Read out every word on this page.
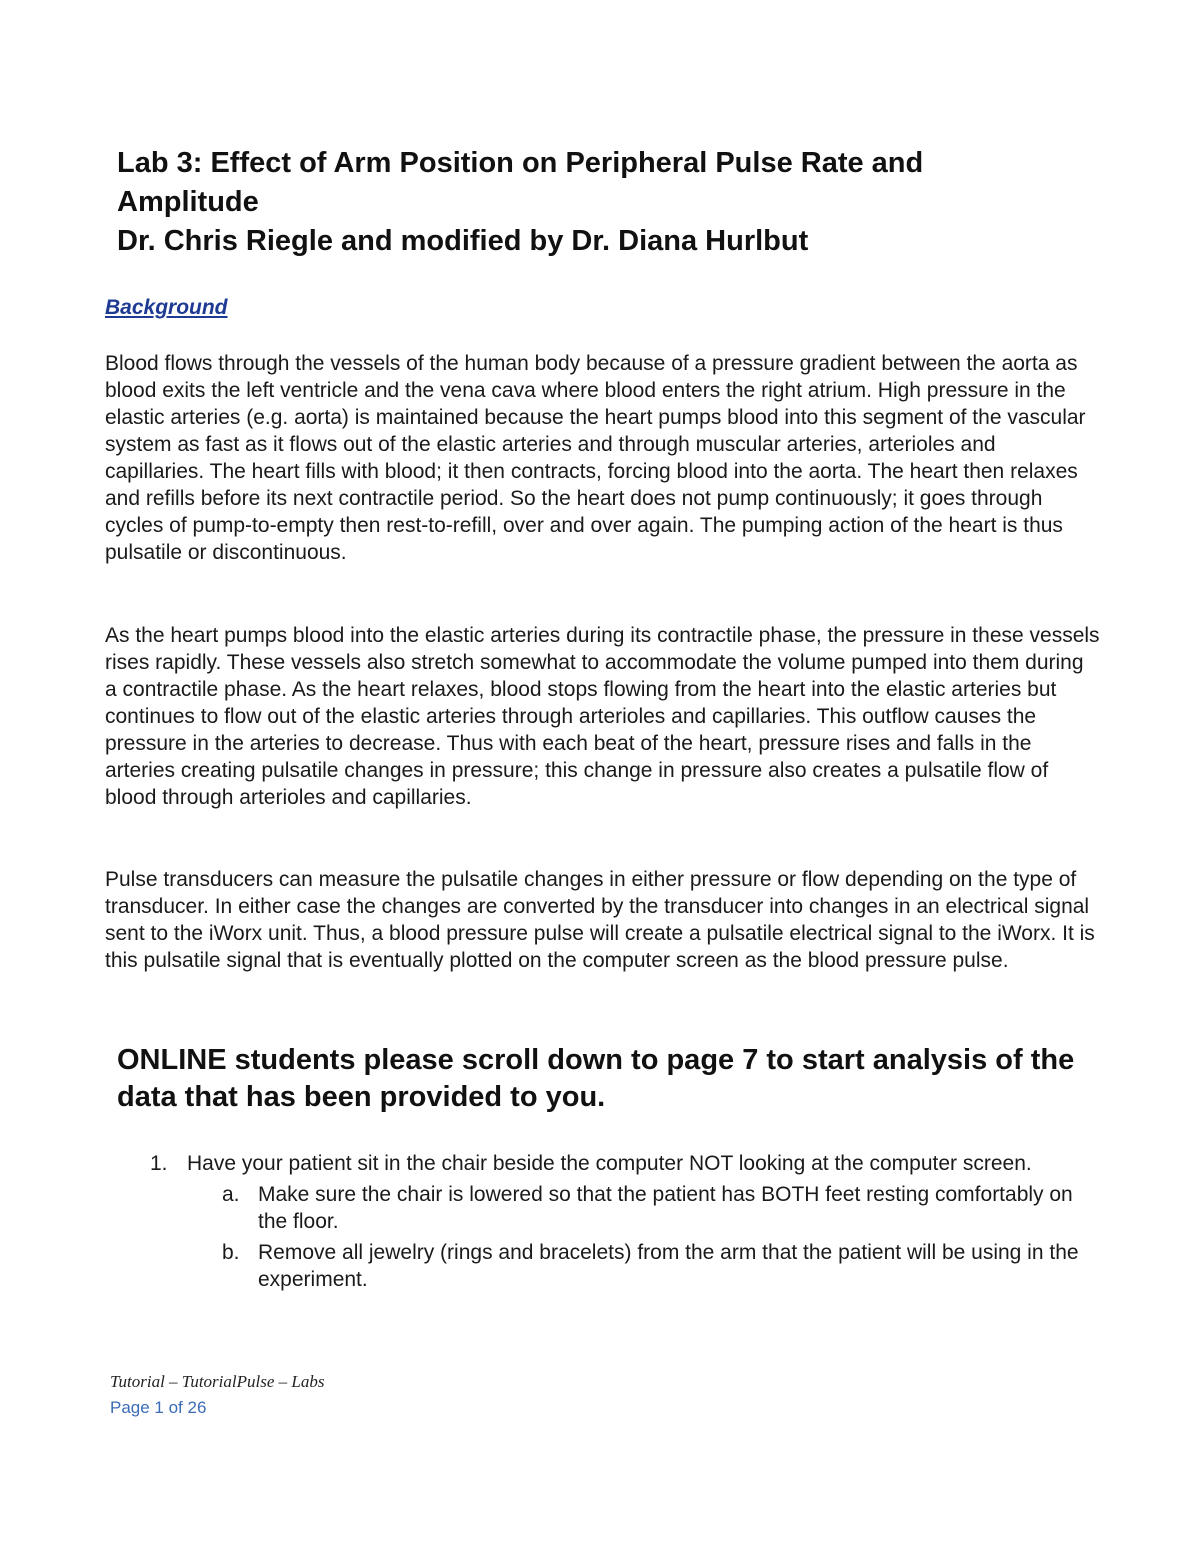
Lab 3: Effect of Arm Position on Peripheral Pulse Rate and
Amplitude
Dr. Chris Riegle and modified by Dr. Diana Hurlbut
Background

Blood flows through the vessels of the human body because of a pressure gradient between the aorta as blood exits the left ventricle and the vena cava where blood enters the right atrium. High pressure in the elastic arteries (e.g. aorta) is maintained because the heart pumps blood into this segment of the vascular system as fast as it flows out of the elastic arteries and through muscular arteries, arterioles and capillaries. The heart fills with blood; it then contracts, forcing blood into the aorta. The heart then relaxes and refills before its next contractile period. So the heart does not pump continuously; it goes through cycles of pump-to-empty then rest-to-refill, over and over again. The pumping action of the heart is thus pulsatile or discontinuous.

As the heart pumps blood into the elastic arteries during its contractile phase, the pressure in these vessels rises rapidly. These vessels also stretch somewhat to accommodate the volume pumped into them during a contractile phase. As the heart relaxes, blood stops flowing from the heart into the elastic arteries but continues to flow out of the elastic arteries through arterioles and capillaries. This outflow causes the pressure in the arteries to decrease. Thus with each beat of the heart, pressure rises and falls in the arteries creating pulsatile changes in pressure; this change in pressure also creates a pulsatile flow of blood through arterioles and capillaries.

Pulse transducers can measure the pulsatile changes in either pressure or flow depending on the type of transducer. In either case the changes are converted by the transducer into changes in an electrical signal sent to the iWorx unit. Thus, a blood pressure pulse will create a pulsatile electrical signal to the iWorx. It is this pulsatile signal that is eventually plotted on the computer screen as the blood pressure pulse.

ONLINE students please scroll down to page 7 to start analysis of the data that has been provided to you.
1. Have your patient sit in the chair beside the computer NOT looking at the computer screen.
a. Make sure the chair is lowered so that the patient has BOTH feet resting comfortably on the floor.
b. Remove all jewelry (rings and bracelets) from the arm that the patient will be using in the experiment.
Tutorial – TutorialPulse – Labs
Page 1 of 26
